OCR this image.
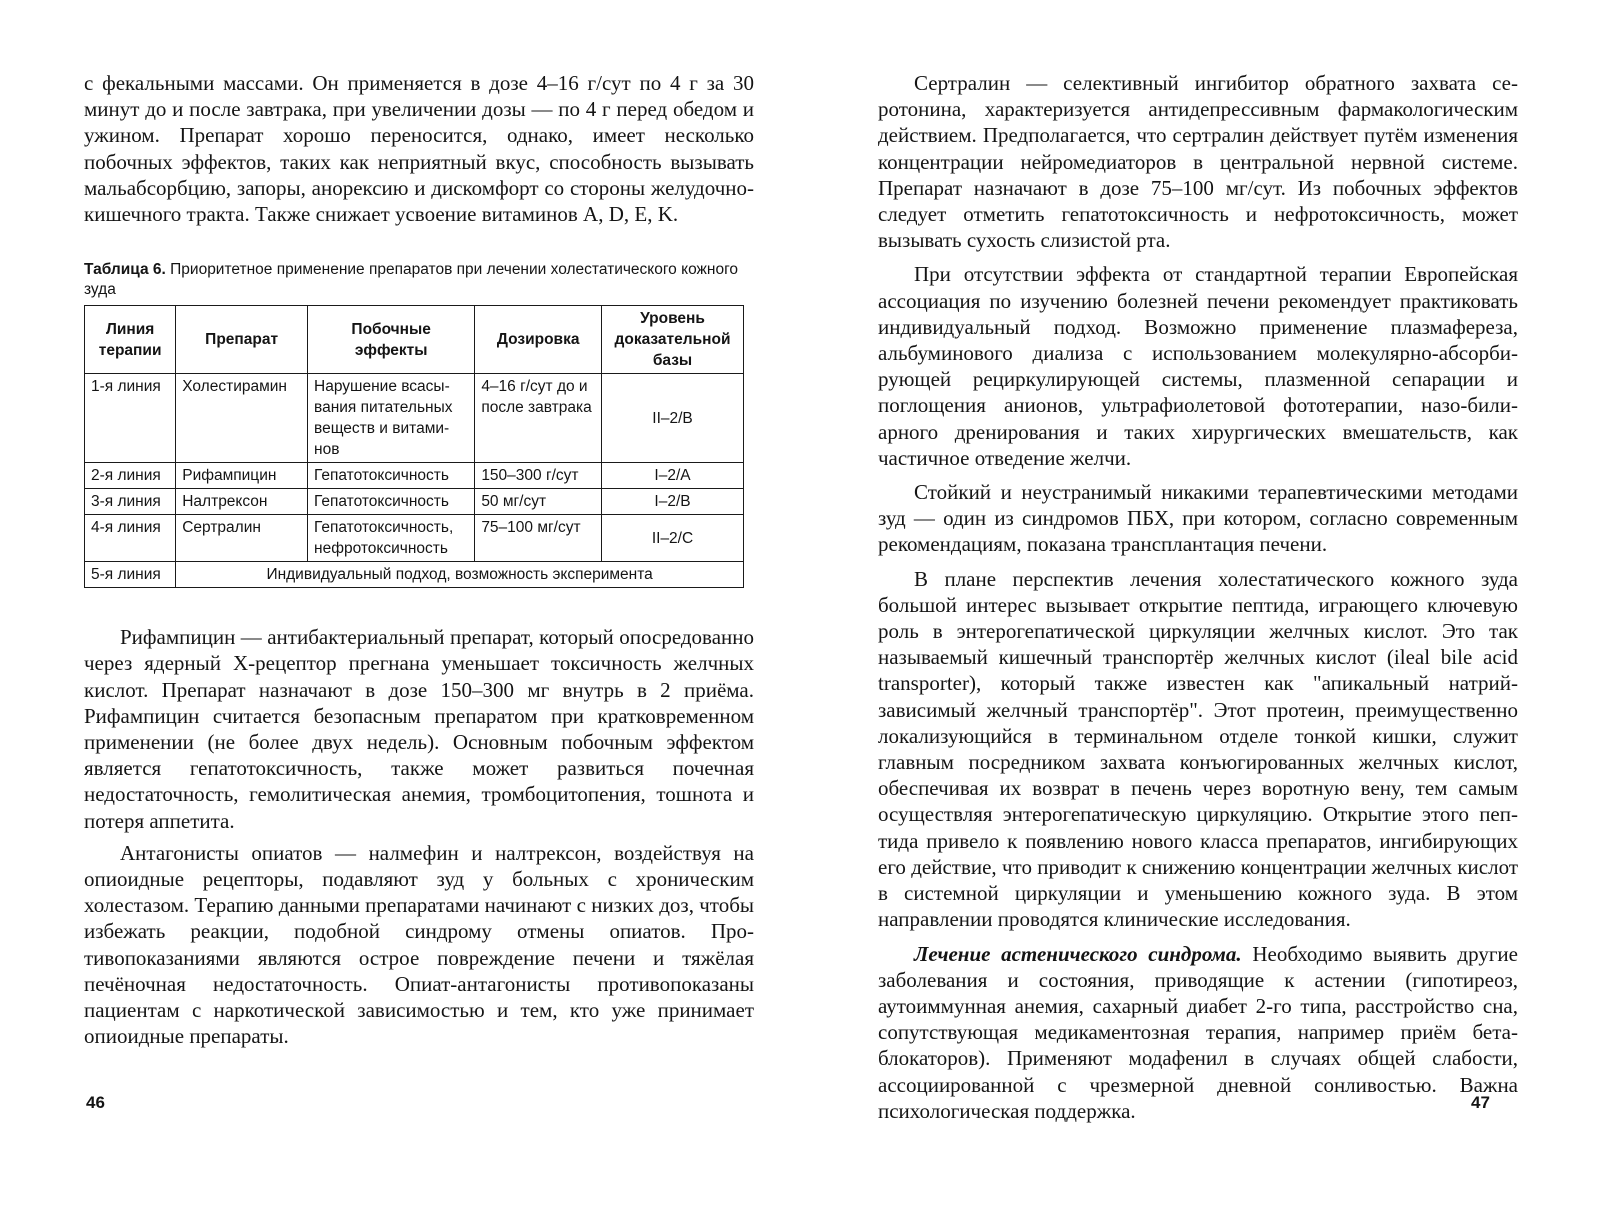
с фекальными массами. Он применяется в дозе 4–16 г/сут по 4 г за 30 минут до и после завтрака, при увеличении дозы — по 4 г перед обедом и ужином. Препарат хорошо переносится, однако, имеет несколько побочных эффектов, таких как неприятный вкус, способность вызывать мальабсорбцию, запоры, анорексию и дискомфорт со стороны желудочно-кишечного тракта. Также снижает усвоение витаминов A, D, E, K.

Таблица 6. Приоритетное применение препаратов при лечении холестатического кожного зуда
Линия терапии	Препарат	Побочные эффекты	Дозировка	Уровень доказательной базы
1-я линия	Холестирамин	Нарушение всасывания питательных веществ и витаминов	4–16 г/сут до и после завтрака	II–2/B
2-я линия	Рифампицин	Гепатотоксичность	150–300 г/сут	I–2/A
3-я линия	Налтрексон	Гепатотоксичность	50 мг/сут	I–2/B
4-я линия	Сертралин	Гепатотоксичность, нефротоксичность	75–100 мг/сут	II–2/C
5-я линия	Индивидуальный подход, возможность эксперимента			

Рифампицин — антибактериальный препарат, который опосредованно через ядерный Х-рецептор прегнана уменьшает токсичность желчных кислот. Препарат назначают в дозе 150–300 мг внутрь в 2 приёма. Рифампицин считается безопасным препаратом при кратковременном применении (не более двух недель). Основным побочным эффектом является гепатотоксичность, также может развиться почечная недостаточность, гемолитическая анемия, тромбоцитопения, тошнота и потеря аппетита.

Антагонисты опиатов — налмефин и налтрексон, воздействуя на опиоидные рецепторы, подавляют зуд у больных с хроническим холестазом. Терапию данными препаратами начинают с низких доз, чтобы избежать реакции, подобной синдрому отмены опиатов. Противопоказаниями являются острое повреждение печени и тяжёлая печёночная недостаточность. Опиат-антагонисты противопоказаны пациентам с наркотической зависимостью и тем, кто уже принимает опиоидные препараты.

46

Сертралин — селективный ингибитор обратного захвата серотонина, характеризуется антидепрессивным фармакологическим действием. Предполагается, что сертралин действует путём изменения концентрации нейромедиаторов в центральной нервной системе. Препарат назначают в дозе 75–100 мг/сут. Из побочных эффектов следует отметить гепатотоксичность и нефротоксичность, может вызывать сухость слизистой рта.

При отсутствии эффекта от стандартной терапии Европейская ассоциация по изучению болезней печени рекомендует практиковать индивидуальный подход. Возможно применение плазмафереза, альбуминового диализа с использованием молекулярно-абсорбирующей рециркулирующей системы, плазменной сепарации и поглощения анионов, ультрафиолетовой фототерапии, назо-билиарного дренирования и таких хирургических вмешательств, как частичное отведение желчи.

Стойкий и неустранимый никакими терапевтическими методами зуд — один из синдромов ПБХ, при котором, согласно современным рекомендациям, показана трансплантация печени.

В плане перспектив лечения холестатического кожного зуда большой интерес вызывает открытие пептида, играющего ключевую роль в энтерогепатической циркуляции желчных кислот. Это так называемый кишечный транспортёр желчных кислот (ileal bile acid transporter), который также известен как "апикальный натрий-зависимый желчный транспортёр". Этот протеин, преимущественно локализующийся в терминальном отделе тонкой кишки, служит главным посредником захвата конъюгированных желчных кислот, обеспечивая их возврат в печень через воротную вену, тем самым осуществляя энтерогепатическую циркуляцию. Открытие этого пептида привело к появлению нового класса препаратов, ингибирующих его действие, что приводит к снижению концентрации желчных кислот в системной циркуляции и уменьшению кожного зуда. В этом направлении проводятся клинические исследования.

Лечение астенического синдрома. Необходимо выявить другие заболевания и состояния, приводящие к астении (гипотиреоз, аутоиммунная анемия, сахарный диабет 2-го типа, расстройство сна, сопутствующая медикаментозная терапия, например приём бета-блокаторов). Применяют модафенил в случаях общей слабости, ассоциированной с чрезмерной дневной сонливостью. Важна психологическая поддержка.	47
